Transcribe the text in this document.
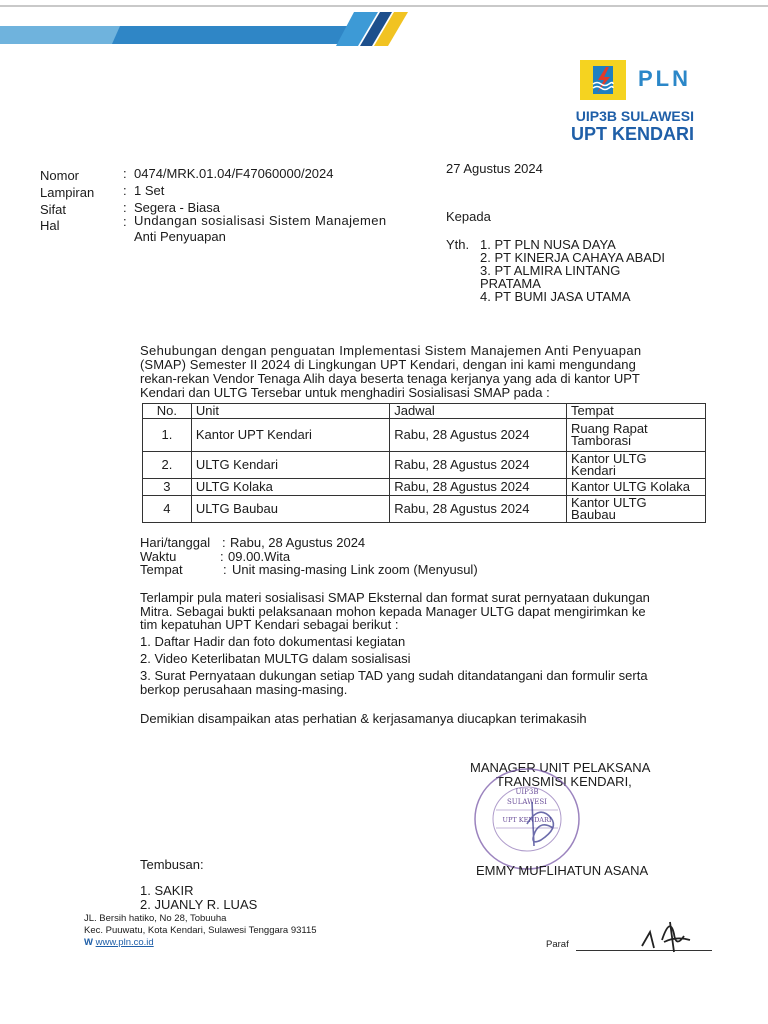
PLN
UIP3B SULAWESI
UPT KENDARI
Nomor	: 0474/MRK.01.04/F47060000/2024
Lampiran : 1 Set
Sifat	: Segera - Biasa
Hal	: Undangan sosialisasi Sistem Manajemen
Anti Penyuapan
27 Agustus 2024
Kepada
Yth. 1. PT PLN NUSA DAYA
2. PT KINERJA CAHAYA ABADI
3. PT ALMIRA LINTANG
PRATAMA
4. PT BUMI JASA UTAMA
Sehubungan dengan penguatan Implementasi Sistem Manajemen Anti Penyuapan
(SMAP) Semester II 2024 di Lingkungan UPT Kendari, dengan ini kami mengundang
rekan-rekan Vendor Tenaga Alih daya beserta tenaga kerjanya yang ada di kantor UPT
Kendari dan ULTG Tersebar untuk menghadiri Sosialisasi SMAP pada :
No.	Unit	Jadwal	Tempat
1.	Kantor UPT Kendari	Rabu, 28 Agustus 2024	Ruang Rapat
Tamborasi

2.	ULTG Kendari	Rabu, 28 Agustus 2024	Kantor ULTG
Kendari

3	ULTG Kolaka	Rabu, 28 Agustus 2024	Kantor ULTG Kolaka
4	ULTG Baubau	Rabu, 28 Agustus 2024	Kantor ULTG
Baubau
Hari/tanggal : Rabu, 28 Agustus 2024
Waktu	: 09.00.Wita
Tempat	: Unit masing-masing Link zoom (Menyusul)
Terlampir pula materi sosialisasi SMAP Eksternal dan format surat pernyataan dukungan
Mitra. Sebagai bukti pelaksanaan mohon kepada Manager ULTG dapat mengirimkan ke
tim kepatuhan UPT Kendari sebagai berikut :
1. Daftar Hadir dan foto dokumentasi kegiatan
2. Video Keterlibatan MULTG dalam sosialisasi
3. Surat Pernyataan dukungan setiap TAD yang sudah ditandatangani dan formulir serta
berkop perusahaan masing-masing.
Demikian disampaikan atas perhatian & kerjasamanya diucapkan terimakasih
MANAGER UNIT PELAKSANA
TRANSMISI KENDARI,
UIP3B
SULAWESI
UPT KENDARI
EMMY MUFLIHATUN ASANA
Tembusan:
1. SAKIR
2. JUANLY R. LUAS
JL. Bersih hatiko, No 28, Tobuuha
Kec. Puuwatu, Kota Kendari, Sulawesi Tenggara 93115
W www.pln.co.id	Paraf
